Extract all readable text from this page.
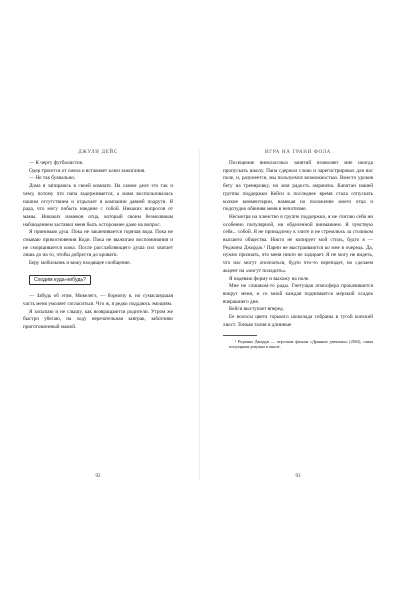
ДЖУЛИ ДЕЙС

— К черту футболистов.

Одер трясется от смеха и вставляет ключ зажигания.

— Не так буквально.

Дома я запираюсь в своей комнате. На самом деле это так и чему, потому что папа задерживается, а мама воспользовалась нашим отсутствием и отдыхает в компании давней подруги. Я рада, что могу побыть наедине с собой. Никаких вопросов от мамы. Никаких намеков отца, который своим безмолвным наблюдением заставил меня быть осторожнее даже на вопрос.

Я принимаю душ. Пока не заканчивается горячая вода. Пока не смываю прикосновения Коди. Пока не выжигаю воспоминания и не сморщивается кожа. После расслабляющего душа сил хватает лишь до на то, чтобы добрести до кровати.

Беру мобильник и вижу входящее сообщение.

Сходим куда-нибудь?

— Забудь об этом, Микелегз, — бормочу я, но сумасшедшая часть меня умоляет согласиться. Что ж, я редко поддаюсь эмоциям.

Я засыпаю и не слышу, как возвращаются родители. Утром же быстро убегаю, на ходу нерезательная завтрак, заботливо приготовленный мамой.

92
ИГРА НА ГРАНИ ФОЛА

Посещение внеклассных занятий позволяет мне иногда пропускать школу. Папа сдержал слово и зарегистрировал для нас поле, и, разумеется, мы пользуемся возможностью. Вместо уроков бегу на тренировку, но моя радость омрачена. Капитан нашей группы поддержки Кейси в последнее время стала отпускать колкие комментарии, намекая на положение моего отца и подспудно обвиняя меня в непотизме.

Несмотря на членство в группе поддержки, я не считаю себя ни особенно популярной, ни обделенной вниманием. Я чувствую себя... собой. Я не принадлежу к элите и не стремлюсь за столиком высшего общества. Никто не копирует мой стиль, будто я — Реджина Джордж.¹ Парни не выстраиваются ко мне в очередь. Да, нужно признать, что меня никто не задирает. Я не могу не видеть, что нас могут ополчаться, будто что-то перепадет, но сделаем акцент на «могут поладить».

Я надеваю форму и выхожу на поле.

Мне не слишком-то рады. Гнетущая атмосфера прокачивается вокруг меня, и со мной каждая поднимается мерзкий осадок вчерашнего дня.

Кейси выступает вперед.

Ее волосы цвета горького шоколада собраны в тугой конский хвост. Тонкая талия и длинные

¹ Реджина Джордж — персонаж фильма «Дрянные девчонки» (2004), самая популярная девушка в школе.

93
